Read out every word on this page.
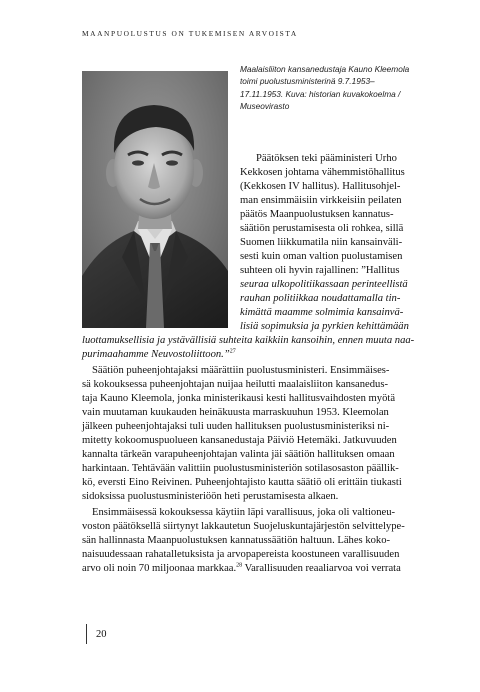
MAANPUOLUSTUS ON TUKEMISEN ARVOISTA
Maalaisliiton kansanedustaja Kauno Kleemola
toimi puolustusministerinä 9.7.1953–
17.11.1953. Kuva: historian kuvakokoelma /
Museovirasto
Päätöksen teki pääministeri Urho
Kekkosen johtama vähemmistöhallitus
(Kekkosen IV hallitus). Hallitusohjel-
man ensimmäisiin virkkeisiin peilaten
päätös Maanpuolustuksen kannatus-
säätiön perustamisesta oli rohkea, sillä
Suomen liikkumatila niin kansainväli-
sesti kuin oman valtion puolustamisen
suhteen oli hyvin rajallinen: ”Hallitus
seuraa ulkopolitiikassaan perinteellistä
rauhan politiikkaa noudattamalla tin-
kimättä maamme solmimia kansainvä-
lisiä sopimuksia ja pyrkien kehittämään
luottamuksellisia ja ystävällisiä suhteita kaikkiin kansoihin, ennen muuta naa-
purimaahamme Neuvostoliittoon.”$^{27}$
Säätiön puheenjohtajaksi määrättiin puolustusministeri. Ensimmäises-
sä kokouksessa puheenjohtajan nuijaa heilutti maalaisliiton kansanedus-
taja Kauno Kleemola, jonka ministerikausi kesti hallitusvaihdosten myötä
vain muutaman kuukauden heinäkuusta marraskuuhun 1953. Kleemolan
jälkeen puheenjohtajaksi tuli uuden hallituksen puolustusministeriksi ni-
mitetty kokoomuspuolueen kansanedustaja Päiviö Hetemäki. Jatkuvuuden
kannalta tärkeän varapuheenjohtajan valinta jäi säätiön hallituksen omaan
harkintaan. Tehtävään valittiin puolustusministeriön sotilasosaston päällik-
kö, eversti Eino Reivinen. Puheenjohtajisto kautta säätiö oli erittäin tiukasti
sidoksissa puolustusministeriöön heti perustamisesta alkaen.
Ensimmäisessä kokouksessa käytiin läpi varallisuus, joka oli valtioneu-
voston päätöksellä siirtynyt lakkautetun Suojeluskuntajärjestön selvittelype-
sän hallinnasta Maanpuolustuksen kannatussäätiön haltuun. Lähes koko-
naisuudessaan rahatalletuksista ja arvopapereista koostuneen varallisuuden
arvo oli noin 70 miljoonaa markkaa.$^{28}$ Varallisuuden reaaliarvoa voi verrata
20
